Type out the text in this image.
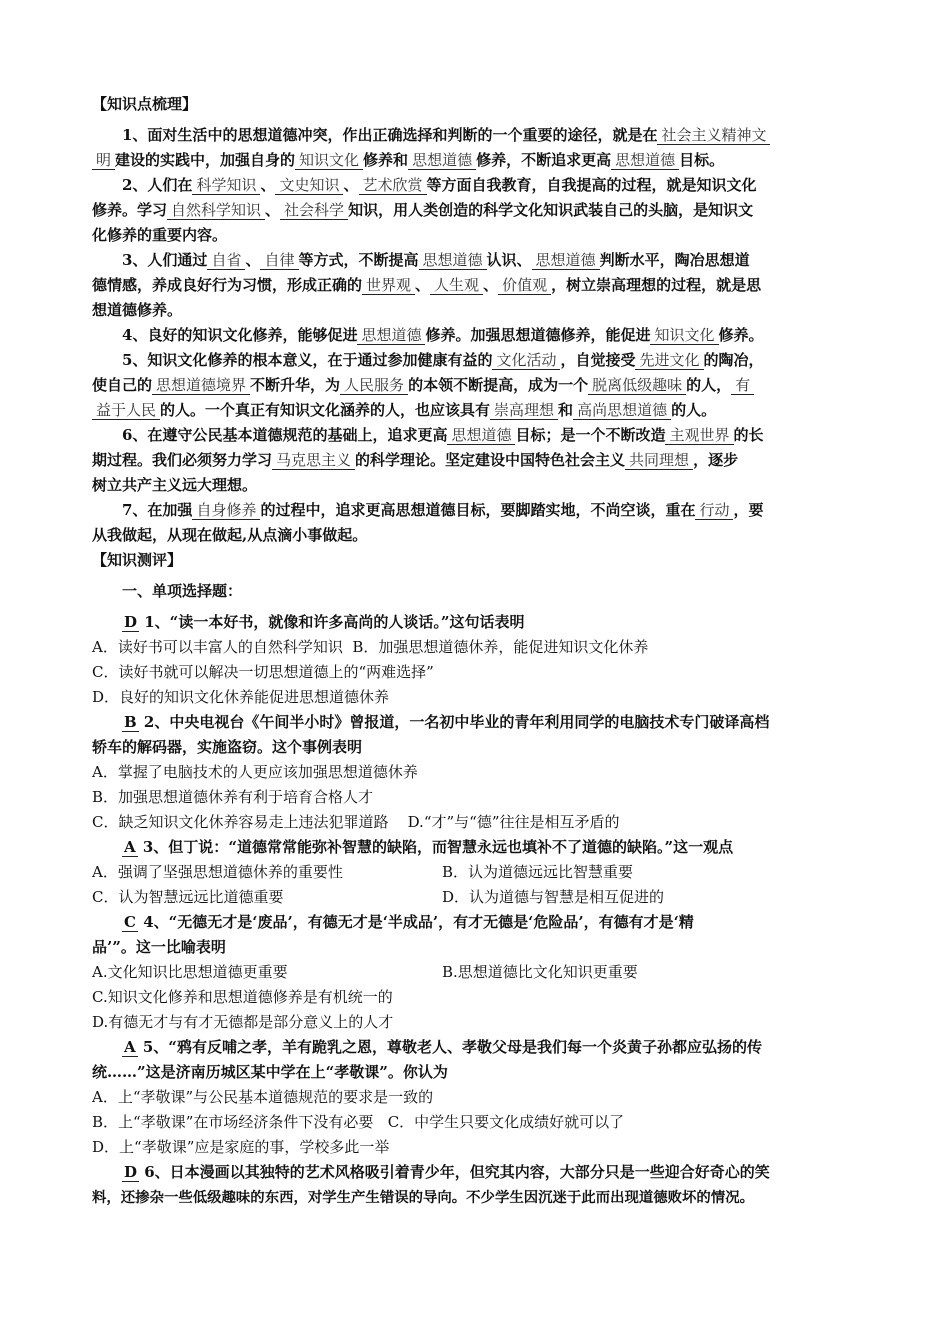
【知识点梳理】
1、面对生活中的思想道德冲突，作出正确选择和判断的一个重要的途径，就是在 社会主义精神文
明 建设的实践中，加强自身的 知识文化 修养和 思想道德 修养，不断追求更高 思想道德 目标。
2、人们在 科学知识 、 文史知识 、 艺术欣赏 等方面自我教育，自我提高的过程，就是知识文化
修养。学习 自然科学知识 、 社会科学 知识，用人类创造的科学文化知识武装自己的头脑，是知识文
化修养的重要内容。
3、人们通过 自省 、 自律 等方式，不断提高 思想道德 认识、 思想道德 判断水平，陶冶思想道
德情感，养成良好行为习惯，形成正确的 世界观 、 人生观 、 价值观 ，树立崇高理想的过程，就是思
想道德修养。
4、良好的知识文化修养，能够促进 思想道德 修养。加强思想道德修养，能促进 知识文化 修养。
5、知识文化修养的根本意义，在于通过参加健康有益的 文化活动 ，自觉接受 先进文化 的陶冶，
使自己的 思想道德境界 不断升华，为 人民服务 的本领不断提高，成为一个 脱离低级趣味 的人， 有
益于人民 的人。一个真正有知识文化涵养的人，也应该具有 崇高理想 和 高尚思想道德 的人。
6、在遵守公民基本道德规范的基础上，追求更高 思想道德 目标；是一个不断改造 主观世界 的长
期过程。我们必须努力学习 马克思主义 的科学理论。坚定建设中国特色社会主义 共同理想 ，逐步
树立共产主义远大理想。
7、在加强 自身修养 的过程中，追求更高思想道德目标，要脚踏实地，不尚空谈，重在 行动 ，要
从我做起，从现在做起,从点滴小事做起。
【知识测评】
一、单项选择题：
D 1、“读一本好书，就像和许多高尚的人谈话。”这句话表明
A．读好书可以丰富人的自然科学知识 B．加强思想道德休养，能促进知识文化休养
C．读好书就可以解决一切思想道德上的“两难选择”
D．良好的知识文化休养能促进思想道德休养
B 2、中央电视台《午间半小时》曾报道，一名初中毕业的青年利用同学的电脑技术专门破译高档
轿车的解码器，实施盗窃。这个事例表明
A．掌握了电脑技术的人更应该加强思想道德休养
B．加强思想道德休养有利于培育合格人才
C．缺乏知识文化休养容易走上违法犯罪道路 D.“才”与“德”往往是相互矛盾的
A 3、但丁说：“道德常常能弥补智慧的缺陷，而智慧永远也填补不了道德的缺陷。”这一观点
A．强调了坚强思想道德休养的重要性	B．认为道德远远比智慧重要
C．认为智慧远远比道德重要	D．认为道德与智慧是相互促进的
C 4、“无德无才是‘废品’，有德无才是‘半成品’，有才无德是‘危险品’，有德有才是‘精
品’”。这一比喻表明
A.文化知识比思想道德更重要	B.思想道德比文化知识更重要
C.知识文化修养和思想道德修养是有机统一的
D.有德无才与有才无德都是部分意义上的人才
A 5、“鸦有反哺之孝，羊有跪乳之恩，尊敬老人、孝敬父母是我们每一个炎黄子孙都应弘扬的传
统……”这是济南历城区某中学在上“孝敬课”。你认为
A．上“孝敬课”与公民基本道德规范的要求是一致的
B．上“孝敬课”在市场经济条件下没有必要 C．中学生只要文化成绩好就可以了
D．上“孝敬课”应是家庭的事，学校多此一举
D 6、日本漫画以其独特的艺术风格吸引着青少年，但究其内容，大部分只是一些迎合好奇心的笑
料，还掺杂一些低级趣味的东西，对学生产生错误的导向。不少学生因沉迷于此而出现道德败坏的情况。
